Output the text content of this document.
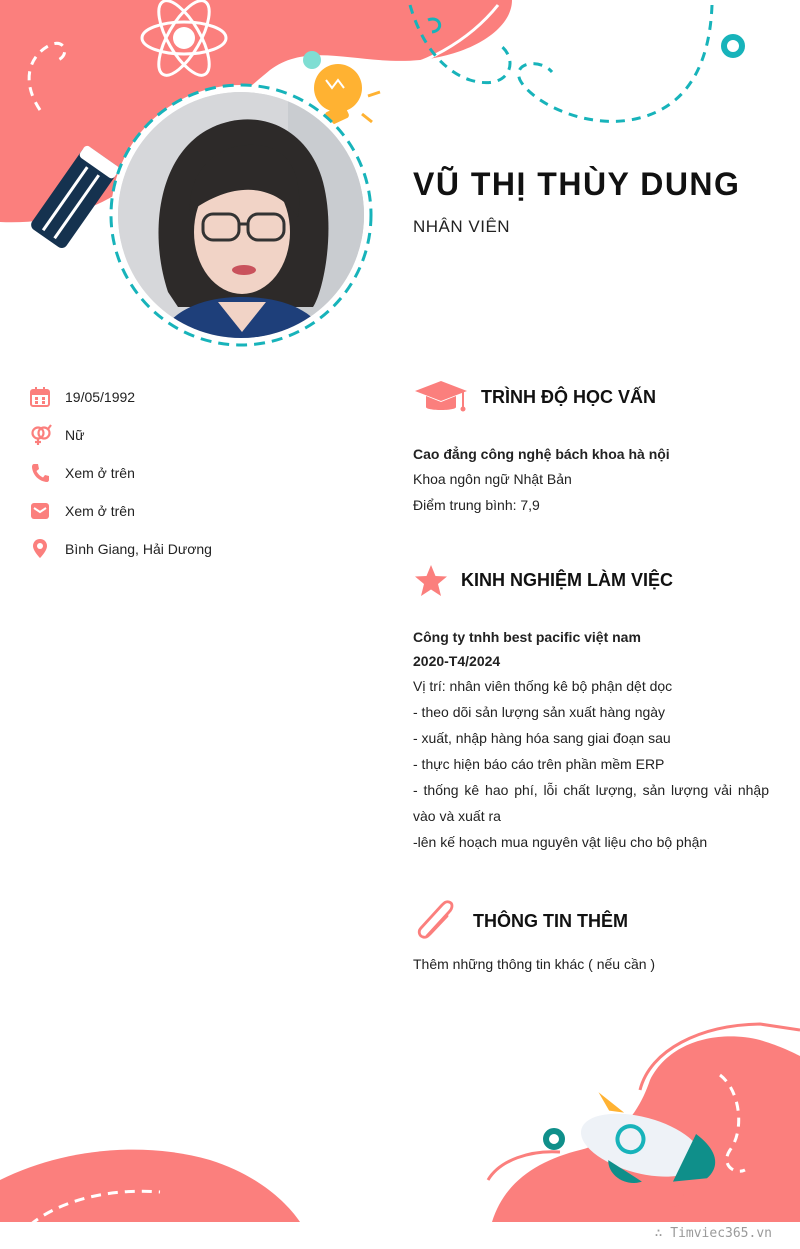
VŨ THỊ THÙY DUNG
NHÂN VIÊN
19/05/1992
Nữ
Xem ở trên
Xem ở trên
Bình Giang, Hải Dương
TRÌNH ĐỘ HỌC VẤN
Cao đẳng công nghệ bách khoa hà nội
Khoa ngôn ngữ Nhật Bản
Điểm trung bình: 7,9
KINH NGHIỆM LÀM VIỆC
Công ty tnhh best pacific việt nam
2020-T4/2024
Vị trí: nhân viên thống kê bộ phận dệt dọc
- theo dõi sản lượng sản xuất hàng ngày
- xuất, nhập hàng hóa sang giai đoạn sau
- thực hiện báo cáo trên phần mềm ERP
- thống kê hao phí, lỗi chất lượng, sản lượng vải nhập
vào và xuất ra
-lên kế hoạch mua nguyên vật liệu cho bộ phận
THÔNG TIN THÊM
Thêm những thông tin khác ( nếu cần )
∴ Timviec365.vn
